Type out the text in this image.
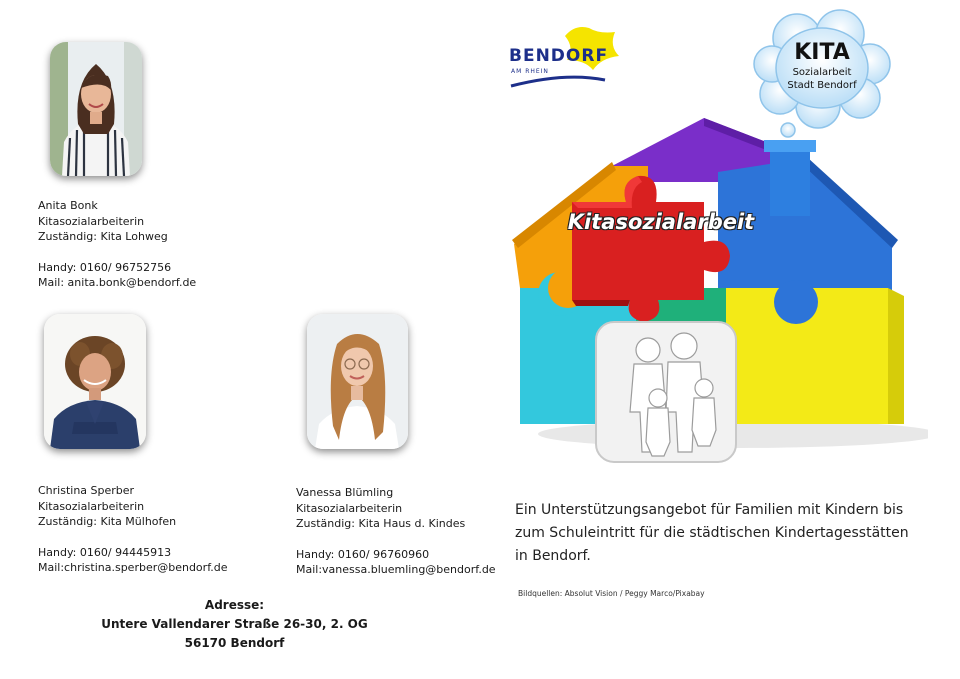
Anita Bonk
Kitasozialarbeiterin
Zuständig: Kita Lohweg
Handy: 0160/ 96752756
Mail: anita.bonk@bendorf.de
Christina Sperber
Kitasozialarbeiterin
Zuständig: Kita Mülhofen
Handy: 0160/ 94445913
Mail:christina.sperber@bendorf.de
Vanessa Blümling
Kitasozialarbeiterin
Zuständig: Kita Haus d. Kindes
Handy: 0160/ 96760960
Mail:vanessa.bluemling@bendorf.de
Adresse:
Untere Vallendarer Straße 26-30, 2. OG
56170 Bendorf
BENDORF
AM RHEIN
KITA
Sozialarbeit
Stadt Bendorf
Kitasozialarbeit
Ein Unterstützungsangebot für Familien mit Kindern bis zum Schuleintritt für die städtischen Kindertagesstätten in Bendorf.
Bildquellen: Absolut Vision / Peggy Marco/Pixabay
